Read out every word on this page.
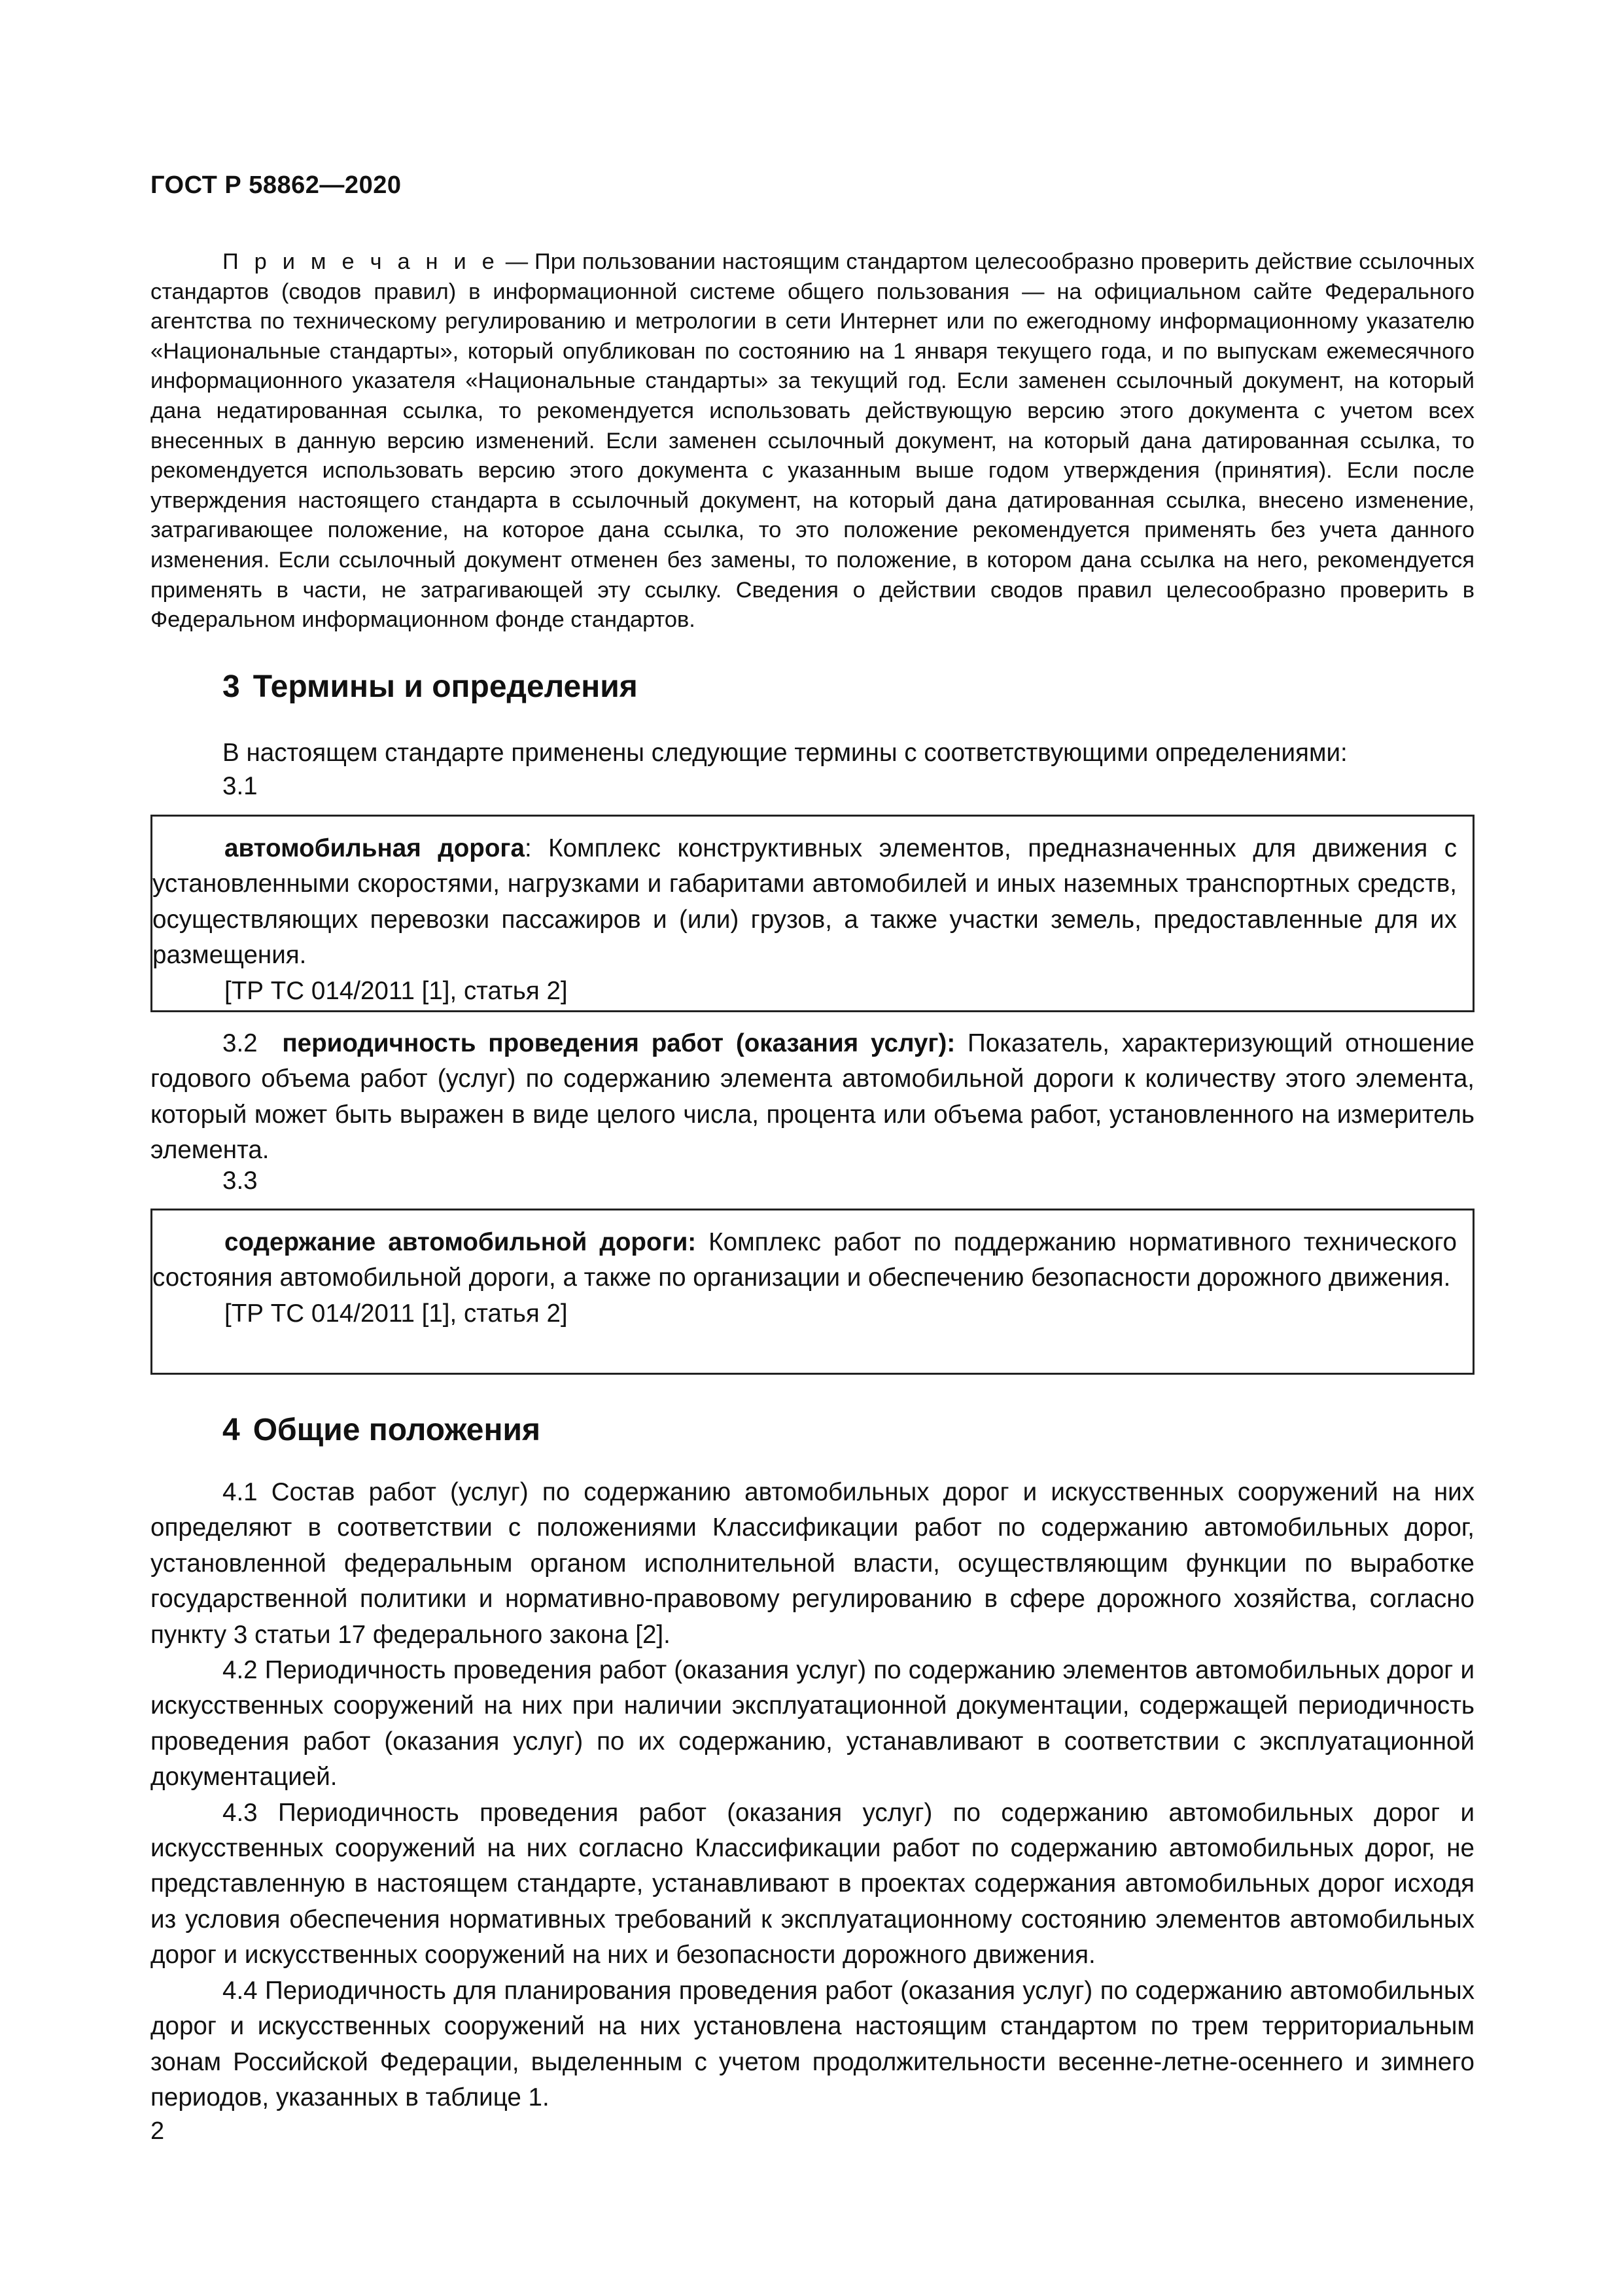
ГОСТ Р 58862—2020

П р и м е ч а н и е — При пользовании настоящим стандартом целесообразно проверить действие ссылочных стандартов (сводов правил) в информационной системе общего пользования — на официальном сайте Федерального агентства по техническому регулированию и метрологии в сети Интернет или по ежегодному информационному указателю «Национальные стандарты», который опубликован по состоянию на 1 января текущего года, и по выпускам ежемесячного информационного указателя «Национальные стандарты» за текущий год. Если заменен ссылочный документ, на который дана недатированная ссылка, то рекомендуется использовать действующую версию этого документа с учетом всех внесенных в данную версию изменений. Если заменен ссылочный документ, на который дана датированная ссылка, то рекомендуется использовать версию этого документа с указанным выше годом утверждения (принятия). Если после утверждения настоящего стандарта в ссылочный документ, на который дана датированная ссылка, внесено изменение, затрагивающее положение, на которое дана ссылка, то это положение рекомендуется применять без учета данного изменения. Если ссылочный документ отменен без замены, то положение, в котором дана ссылка на него, рекомендуется применять в части, не затрагивающей эту ссылку. Сведения о действии сводов правил целесообразно проверить в Федеральном информационном фонде стандартов.

3 Термины и определения

В настоящем стандарте применены следующие термины с соответствующими определениями:

3.1

автомобильная дорога: Комплекс конструктивных элементов, предназначенных для движения с установленными скоростями, нагрузками и габаритами автомобилей и иных наземных транспортных средств, осуществляющих перевозки пассажиров и (или) грузов, а также участки земель, предоставленные для их размещения.

[ТР ТС 014/2011 [1], статья 2]

3.2 периодичность проведения работ (оказания услуг): Показатель, характеризующий отношение годового объема работ (услуг) по содержанию элемента автомобильной дороги к количеству этого элемента, который может быть выражен в виде целого числа, процента или объема работ, установленного на измеритель элемента.

3.3

содержание автомобильной дороги: Комплекс работ по поддержанию нормативного технического состояния автомобильной дороги, а также по организации и обеспечению безопасности дорожного движения.

[ТР ТС 014/2011 [1], статья 2]

4 Общие положения

4.1 Состав работ (услуг) по содержанию автомобильных дорог и искусственных сооружений на них определяют в соответствии с положениями Классификации работ по содержанию автомобильных дорог, установленной федеральным органом исполнительной власти, осуществляющим функции по выработке государственной политики и нормативно-правовому регулированию в сфере дорожного хозяйства, согласно пункту 3 статьи 17 федерального закона [2].

4.2 Периодичность проведения работ (оказания услуг) по содержанию элементов автомобильных дорог и искусственных сооружений на них при наличии эксплуатационной документации, содержащей периодичность проведения работ (оказания услуг) по их содержанию, устанавливают в соответствии с эксплуатационной документацией.

4.3 Периодичность проведения работ (оказания услуг) по содержанию автомобильных дорог и искусственных сооружений на них согласно Классификации работ по содержанию автомобильных дорог, не представленную в настоящем стандарте, устанавливают в проектах содержания автомобильных дорог исходя из условия обеспечения нормативных требований к эксплуатационному состоянию элементов автомобильных дорог и искусственных сооружений на них и безопасности дорожного движения.

4.4 Периодичность для планирования проведения работ (оказания услуг) по содержанию автомобильных дорог и искусственных сооружений на них установлена настоящим стандартом по трем территориальным зонам Российской Федерации, выделенным с учетом продолжительности весенне-летне-осеннего и зимнего периодов, указанных в таблице 1.

2
